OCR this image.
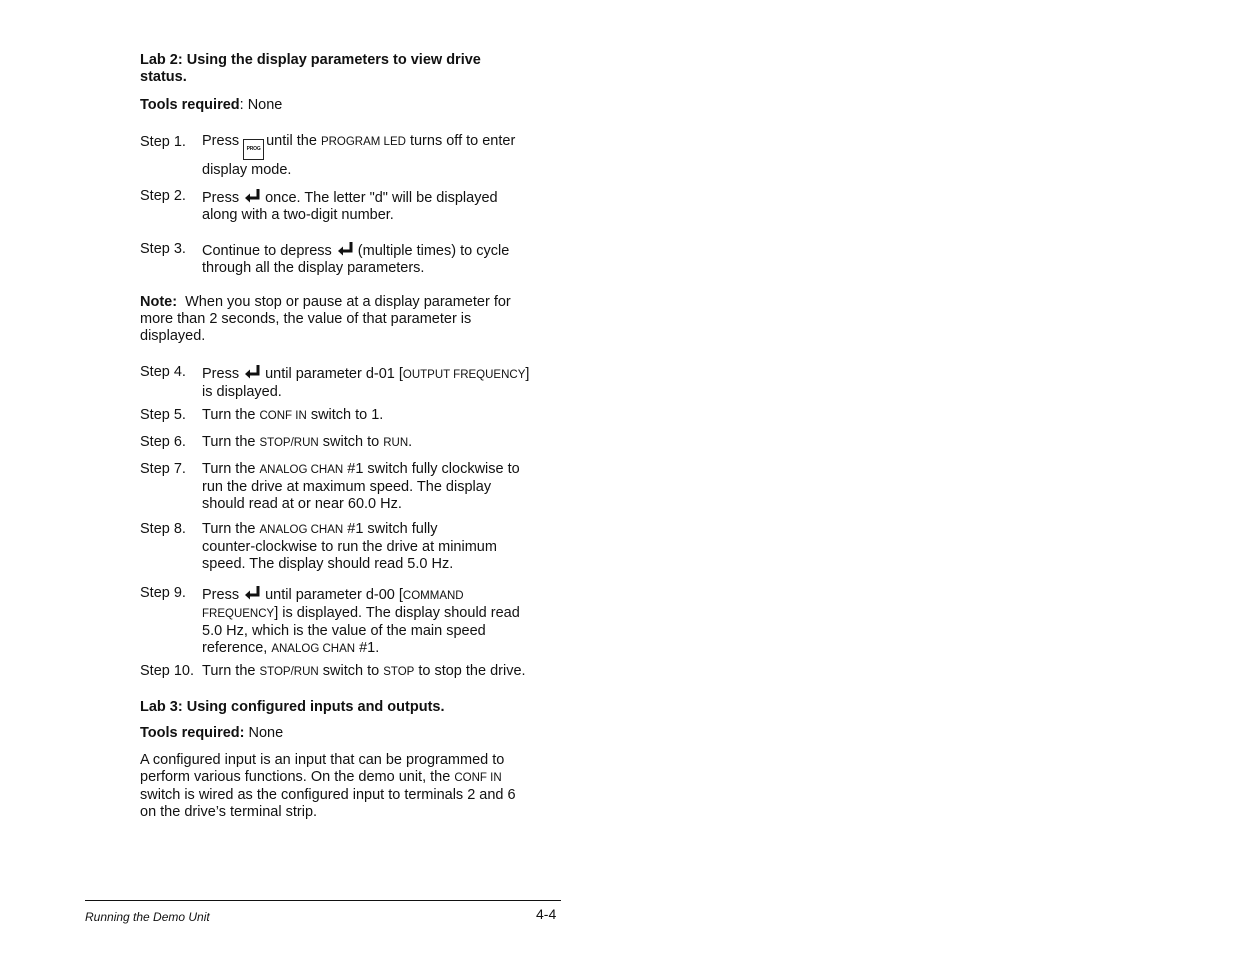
Lab 2: Using the display parameters to view drive
status.
Tools required: None
Step 1. Press PROG until the PROGRAM LED turns off to enter
display mode.
Step 2. Press once. The letter "d" will be displayed
along with a two-digit number.
Step 3. Continue to depress (multiple times) to cycle
through all the display parameters.
Note: When you stop or pause at a display parameter for
more than 2 seconds, the value of that parameter is
displayed.
Step 4. Press until parameter d-01 [OUTPUT FREQUENCY]
is displayed.
Step 5. Turn the CONF IN switch to 1.
Step 6. Turn the STOP/RUN switch to RUN.
Step 7. Turn the ANALOG CHAN #1 switch fully clockwise to
run the drive at maximum speed. The display
should read at or near 60.0 Hz.
Step 8. Turn the ANALOG CHAN #1 switch fully
counter-clockwise to run the drive at minimum
speed. The display should read 5.0 Hz.
Step 9. Press until parameter d-00 [COMMAND
FREQUENCY] is displayed. The display should read
5.0 Hz, which is the value of the main speed
reference, ANALOG CHAN #1.
Step 10. Turn the STOP/RUN switch to STOP to stop the drive.
Lab 3: Using configured inputs and outputs.
Tools required: None
A configured input is an input that can be programmed to
perform various functions. On the demo unit, the CONF IN
switch is wired as the configured input to terminals 2 and 6
on the drive’s terminal strip.
Running the Demo Unit	4-4
